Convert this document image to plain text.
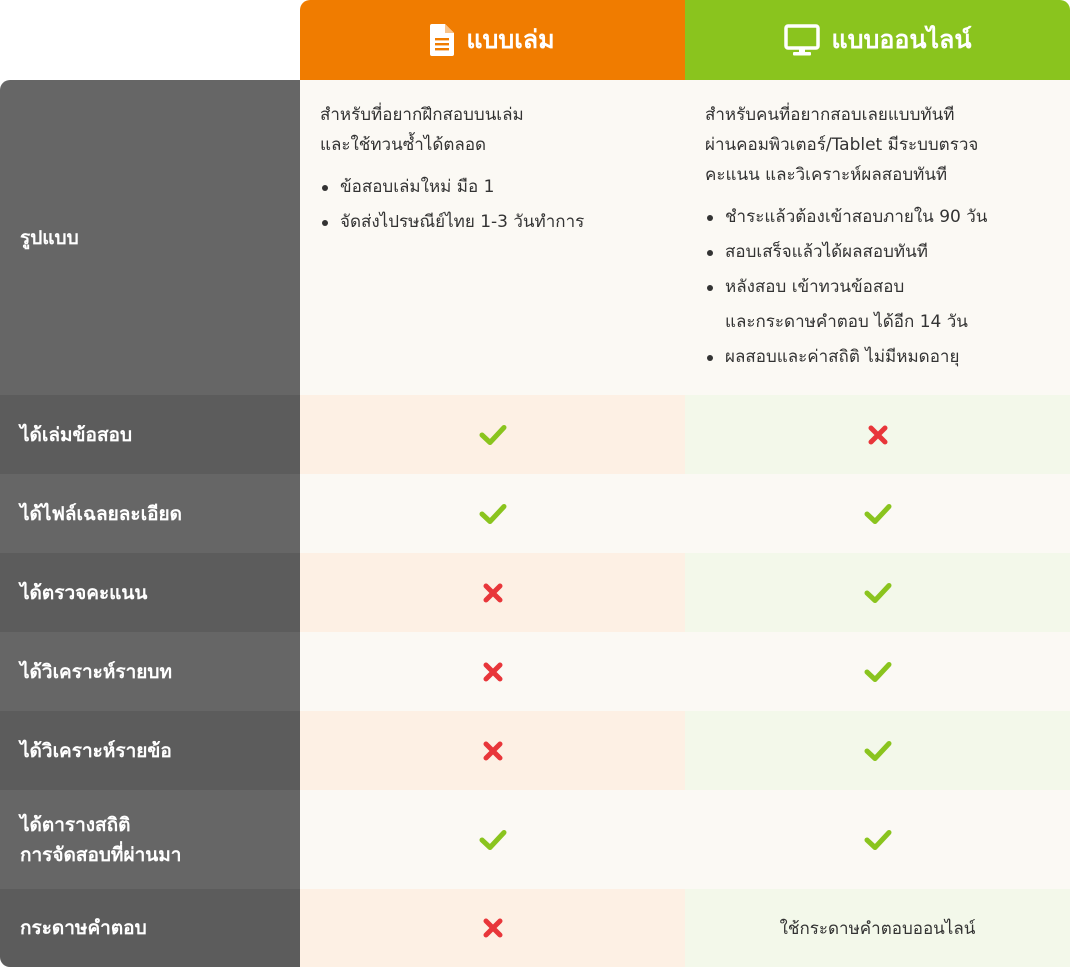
แบบเล่ม	แบบออนไลน์
รูปแบบ
สำหรับที่อยากฝึกสอบบนเล่ม
และใช้ทวนซ้ำได้ตลอด
ข้อสอบเล่มใหม่ มือ 1
จัดส่งไปรษณีย์ไทย 1-3 วันทำการ
สำหรับคนที่อยากสอบเลยแบบทันที
ผ่านคอมพิวเตอร์/Tablet มีระบบตรวจ
คะแนน และวิเคราะห์ผลสอบทันที
ชำระแล้วต้องเข้าสอบภายใน 90 วัน
สอบเสร็จแล้วได้ผลสอบทันที
หลังสอบ เข้าทวนข้อสอบ
และกระดาษคำตอบ ได้อีก 14 วัน
ผลสอบและค่าสถิติ ไม่มีหมดอายุ
ได้เล่มข้อสอบ
ได้ไฟล์เฉลยละเอียด
ได้ตรวจคะแนน
ได้วิเคราะห์รายบท
ได้วิเคราะห์รายข้อ
ได้ตารางสถิติ
การจัดสอบที่ผ่านมา
กระดาษคำตอบ	ใช้กระดาษคำตอบออนไลน์
